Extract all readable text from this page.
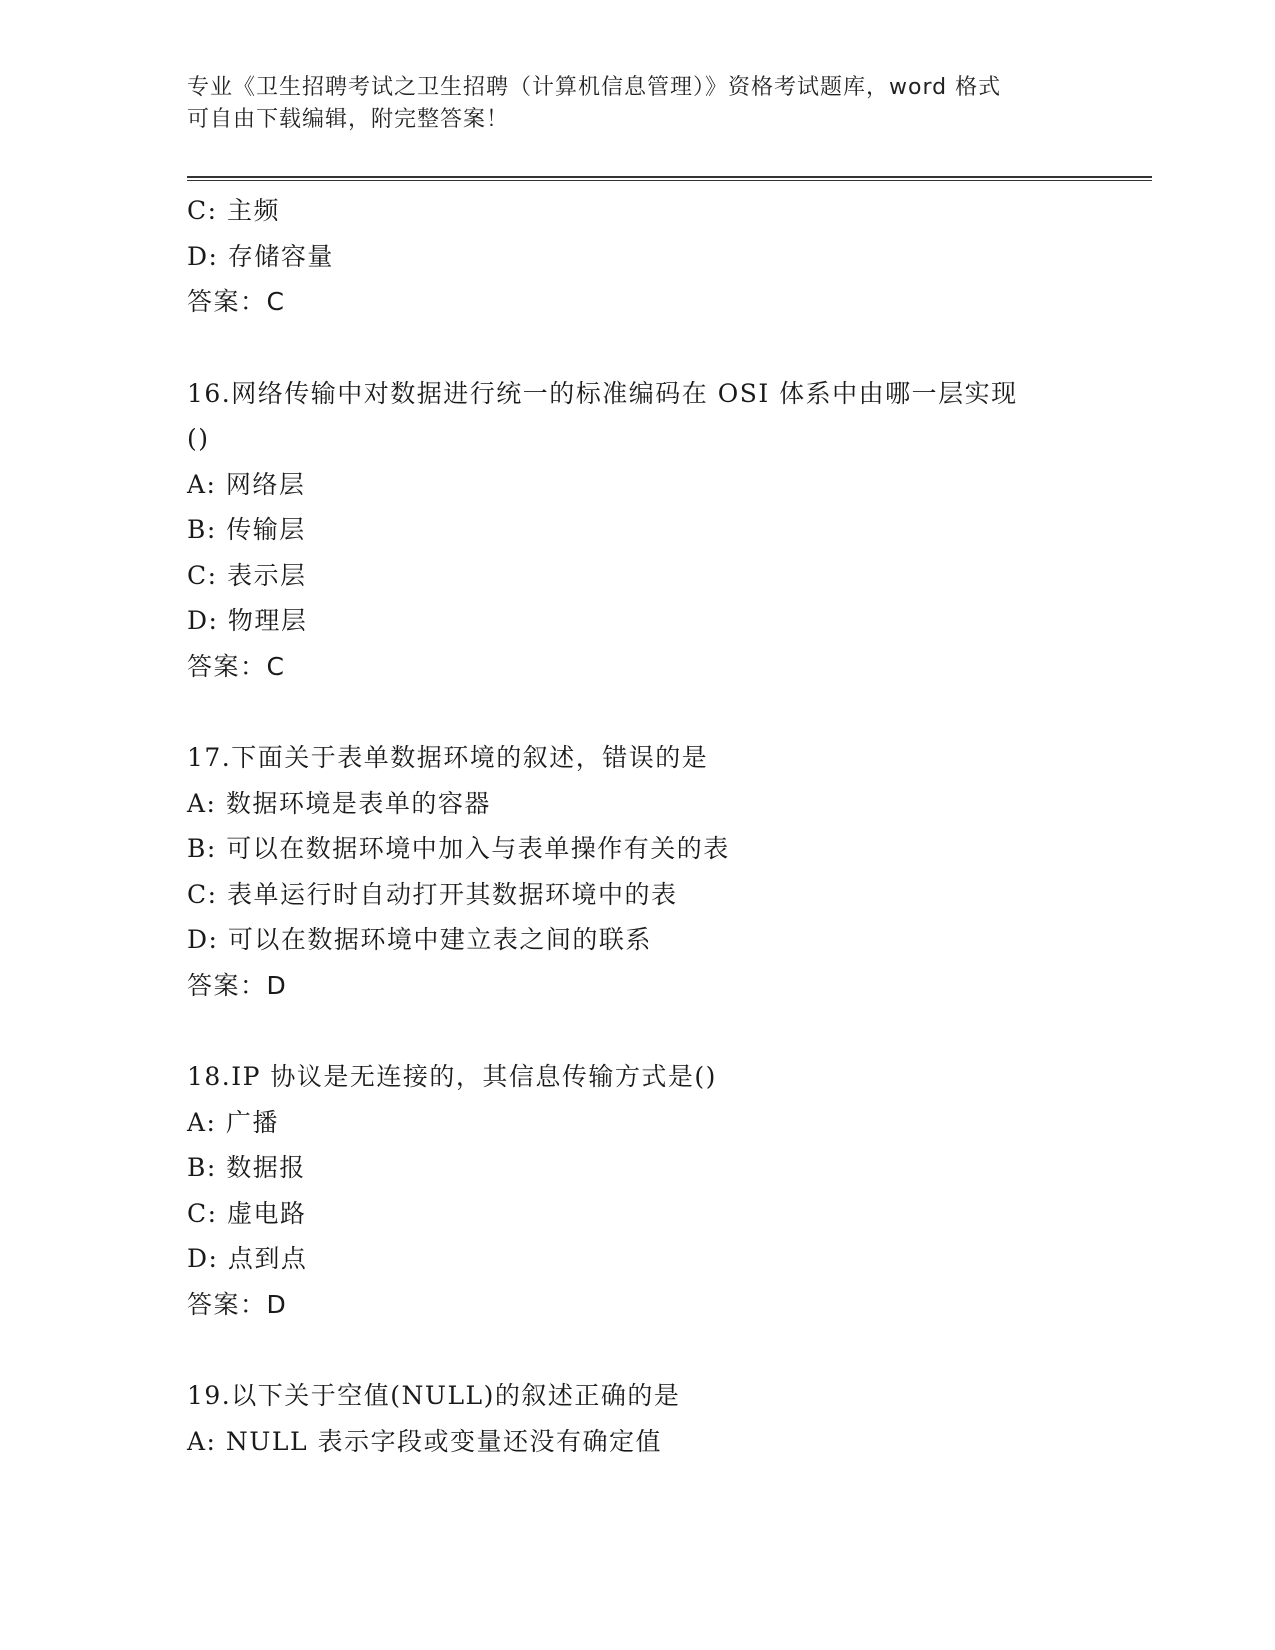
专业《卫生招聘考试之卫生招聘（计算机信息管理）》资格考试题库，word 格式
可自由下载编辑，附完整答案！
C: 主频
D: 存储容量
答案：C
16.网络传输中对数据进行统一的标准编码在 OSI 体系中由哪一层实现
()
A: 网络层
B: 传输层
C: 表示层
D: 物理层
答案：C
17.下面关于表单数据环境的叙述，错误的是
A: 数据环境是表单的容器
B: 可以在数据环境中加入与表单操作有关的表
C: 表单运行时自动打开其数据环境中的表
D: 可以在数据环境中建立表之间的联系
答案：D
18.IP 协议是无连接的，其信息传输方式是()
A: 广播
B: 数据报
C: 虚电路
D: 点到点
答案：D
19.以下关于空值(NULL)的叙述正确的是
A: NULL 表示字段或变量还没有确定值
